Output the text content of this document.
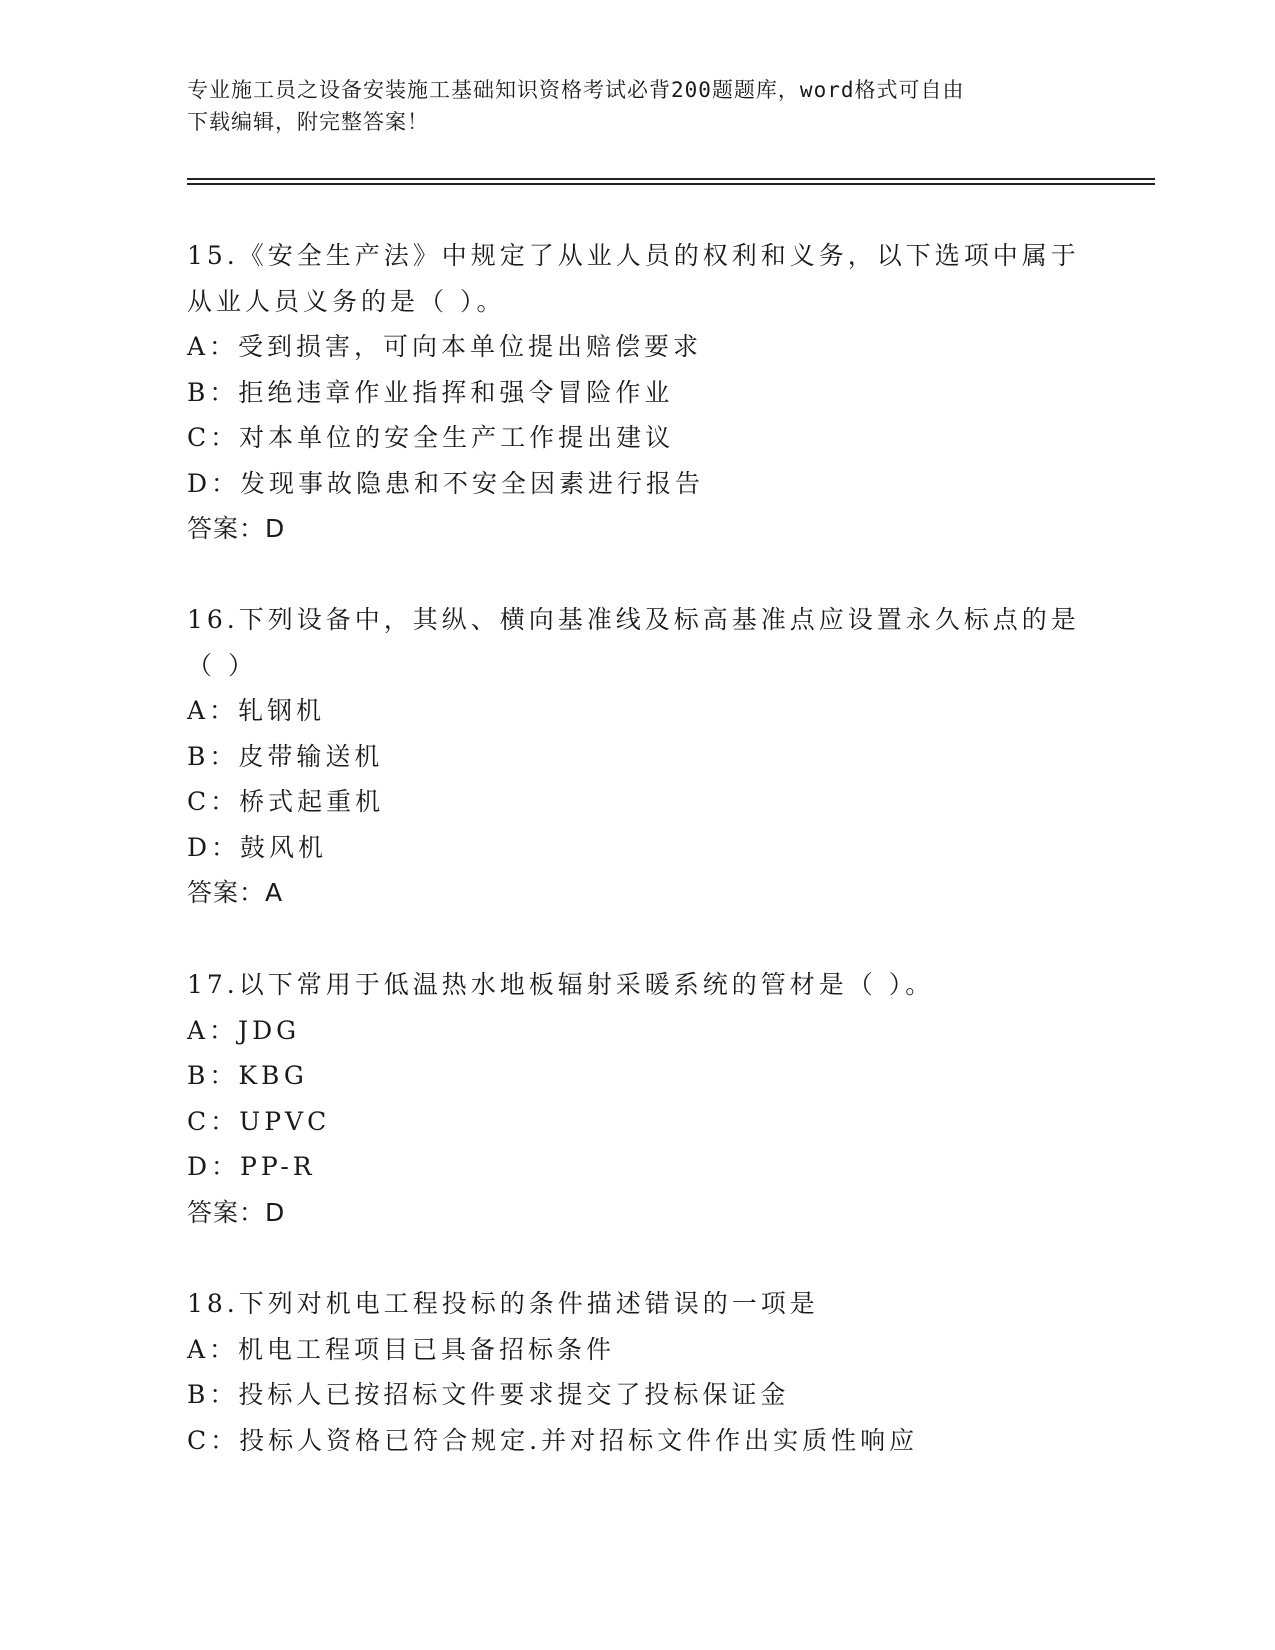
专业施工员之设备安装施工基础知识资格考试必背200题题库，word格式可自由
下载编辑，附完整答案！
15.《安全生产法》中规定了从业人员的权利和义务，以下选项中属于
从业人员义务的是（ ）。
A：受到损害，可向本单位提出赔偿要求
B：拒绝违章作业指挥和强令冒险作业
C：对本单位的安全生产工作提出建议
D：发现事故隐患和不安全因素进行报告
答案：D
16.下列设备中，其纵、横向基准线及标高基准点应设置永久标点的是
（ ）
A：轧钢机
B：皮带输送机
C：桥式起重机
D：鼓风机
答案：A
17.以下常用于低温热水地板辐射采暖系统的管材是（ ）。
A：JDG
B：KBG
C：UPVC
D：PP-R
答案：D
18.下列对机电工程投标的条件描述错误的一项是
A：机电工程项目已具备招标条件
B：投标人已按招标文件要求提交了投标保证金
C：投标人资格已符合规定.并对招标文件作出实质性响应
